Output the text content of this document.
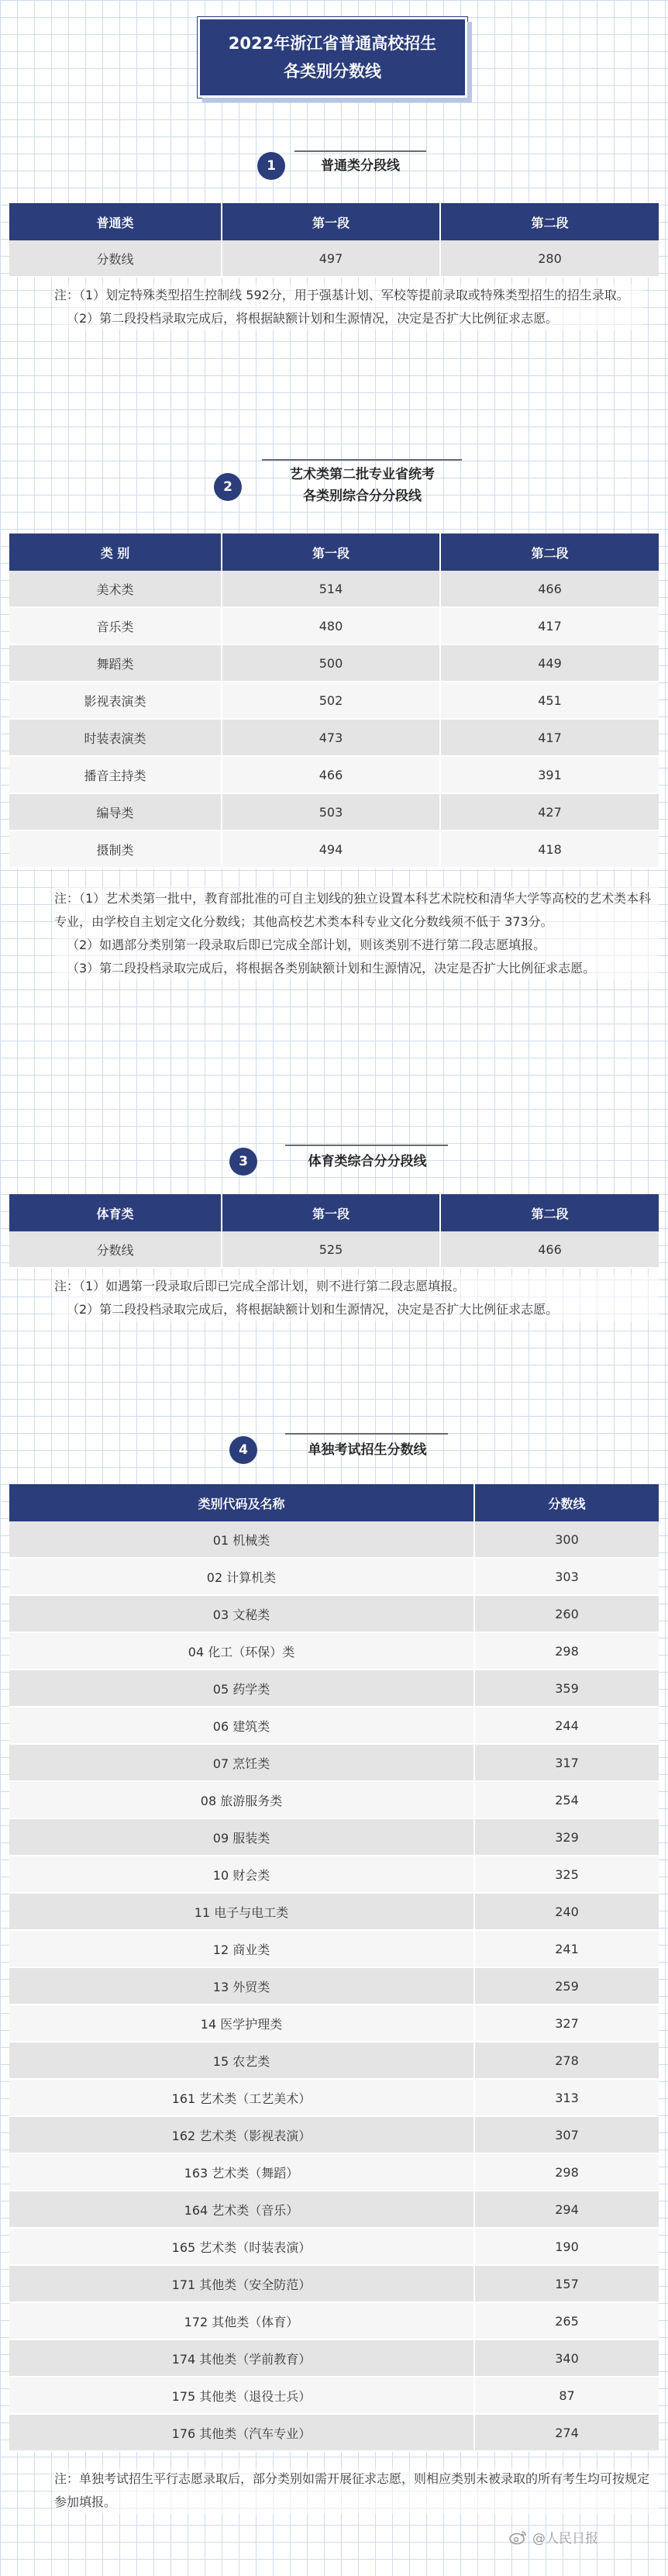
2022年浙江省普通高校招生
各类别分数线
1	普通类分段线
普通类	第一段	第二段
分数线	497	280

注：（1）划定特殊类型招生控制线 592分，用于强基计划、军校等提前录取或特殊类型招生的招生录取。

（2）第二段投档录取完成后，将根据缺额计划和生源情况，决定是否扩大比例征求志愿。

2
艺术类第二批专业省统考
各类别综合分分段线
类 别	第一段	第二段
美术类	514	466
音乐类	480	417
舞蹈类	500	449
影视表演类	502	451
时装表演类	473	417
播音主持类	466	391
编导类	503	427
摄制类	494	418

注：（1）艺术类第一批中，教育部批准的可自主划线的独立设置本科艺术院校和清华大学等高校的艺术类本科专业，由学校自主划定文化分数线；其他高校艺术类本科专业文化分数线须不低于 373分。

（2）如遇部分类别第一段录取后即已完成全部计划，则该类别不进行第二段志愿填报。

（3）第二段投档录取完成后，将根据各类别缺额计划和生源情况，决定是否扩大比例征求志愿。

3	体育类综合分分段线
体育类	第一段	第二段
分数线	525	466

注：（1）如遇第一段录取后即已完成全部计划，则不进行第二段志愿填报。

（2）第二段投档录取完成后，将根据缺额计划和生源情况，决定是否扩大比例征求志愿。

4	单独考试招生分数线
类别代码及名称	分数线
01 机械类	300
02 计算机类	303
03 文秘类	260
04 化工（环保）类	298
05 药学类	359
06 建筑类	244
07 烹饪类	317
08 旅游服务类	254
09 服装类	329
10 财会类	325
11 电子与电工类	240
12 商业类	241
13 外贸类	259
14 医学护理类	327
15 农艺类	278
161 艺术类（工艺美术）	313
162 艺术类（影视表演）	307
163 艺术类（舞蹈）	298
164 艺术类（音乐）	294
165 艺术类（时装表演）	190
171 其他类（安全防范）	157
172 其他类（体育）	265
174 其他类（学前教育）	340
175 其他类（退役士兵）	87
176 其他类（汽车专业）	274

注：单独考试招生平行志愿录取后，部分类别如需开展征求志愿，则相应类别未被录取的所有考生均可按规定参加填报。

@人民日报
